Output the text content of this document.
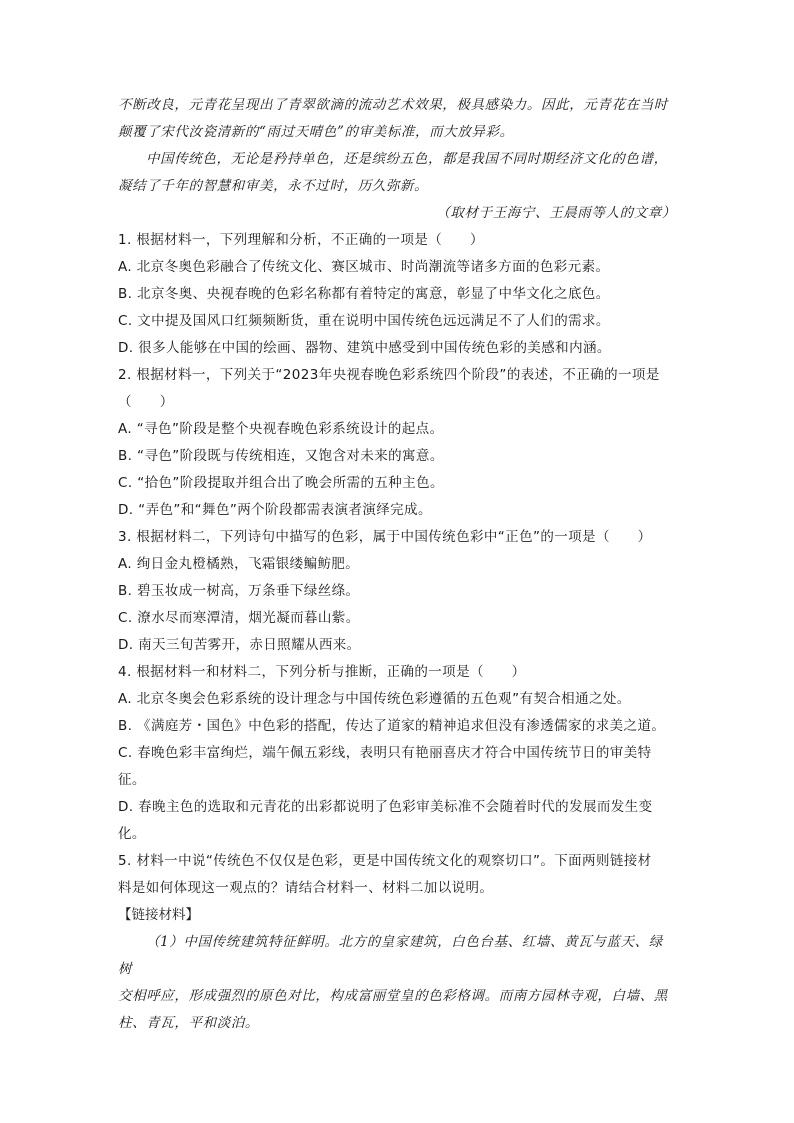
不断改良，元青花呈现出了青翠欲滴的流动艺术效果，极具感染力。因此，元青花在当时

颠覆了宋代汝瓷清新的“雨过天晴色”的审美标准，而大放异彩。

中国传统色，无论是矜持单色，还是缤纷五色，都是我国不同时期经济文化的色谱，

凝结了千年的智慧和审美，永不过时，历久弥新。

（取材于王海宁、王晨雨等人的文章）

1. 根据材料一，下列理解和分析，不正确的一项是（　　）

A. 北京冬奥色彩融合了传统文化、赛区城市、时尚潮流等诸多方面的色彩元素。

B. 北京冬奥、央视春晚的色彩名称都有着特定的寓意，彰显了中华文化之底色。

C. 文中提及国风口红频频断货，重在说明中国传统色远远满足不了人们的需求。

D. 很多人能够在中国的绘画、器物、建筑中感受到中国传统色彩的美感和内涵。

2. 根据材料一，下列关于“2023年央视春晚色彩系统四个阶段”的表述，不正确的一项是

（　　）

A. “寻色”阶段是整个央视春晚色彩系统设计的起点。

B. “寻色”阶段既与传统相连，又饱含对未来的寓意。

C. “拾色”阶段提取并组合出了晚会所需的五种主色。

D. “弄色”和“舞色”两个阶段都需表演者演绎完成。

3. 根据材料二，下列诗句中描写的色彩，属于中国传统色彩中“正色”的一项是（　　）

A. 绚日金丸橙橘熟，飞霜银缕鳊鲂肥。

B. 碧玉妆成一树高，万条垂下绿丝绦。

C. 潦水尽而寒潭清，烟光凝而暮山紫。

D. 南天三旬苦雾开，赤日照耀从西来。

4. 根据材料一和材料二，下列分析与推断，正确的一项是（　　）

A. 北京冬奥会色彩系统的设计理念与中国传统色彩遵循的五色观”有契合相通之处。

B. 《满庭芳・国色》中色彩的搭配，传达了道家的精神追求但没有渗透儒家的求美之道。

C. 春晚色彩丰富绚烂，端午佩五彩线，表明只有艳丽喜庆才符合中国传统节日的审美特

征。

D. 春晚主色的选取和元青花的出彩都说明了色彩审美标准不会随着时代的发展而发生变

化。

5. 材料一中说“传统色不仅仅是色彩，更是中国传统文化的观察切口”。下面两则链接材

料是如何体现这一观点的？请结合材料一、材料二加以说明。

【链接材料】

（1）中国传统建筑特征鲜明。北方的皇家建筑，白色台基、红墙、黄瓦与蓝天、绿树

交相呼应，形成强烈的原色对比，构成富丽堂皇的色彩格调。而南方园林寺观，白墙、黑

柱、青瓦，平和淡泊。
